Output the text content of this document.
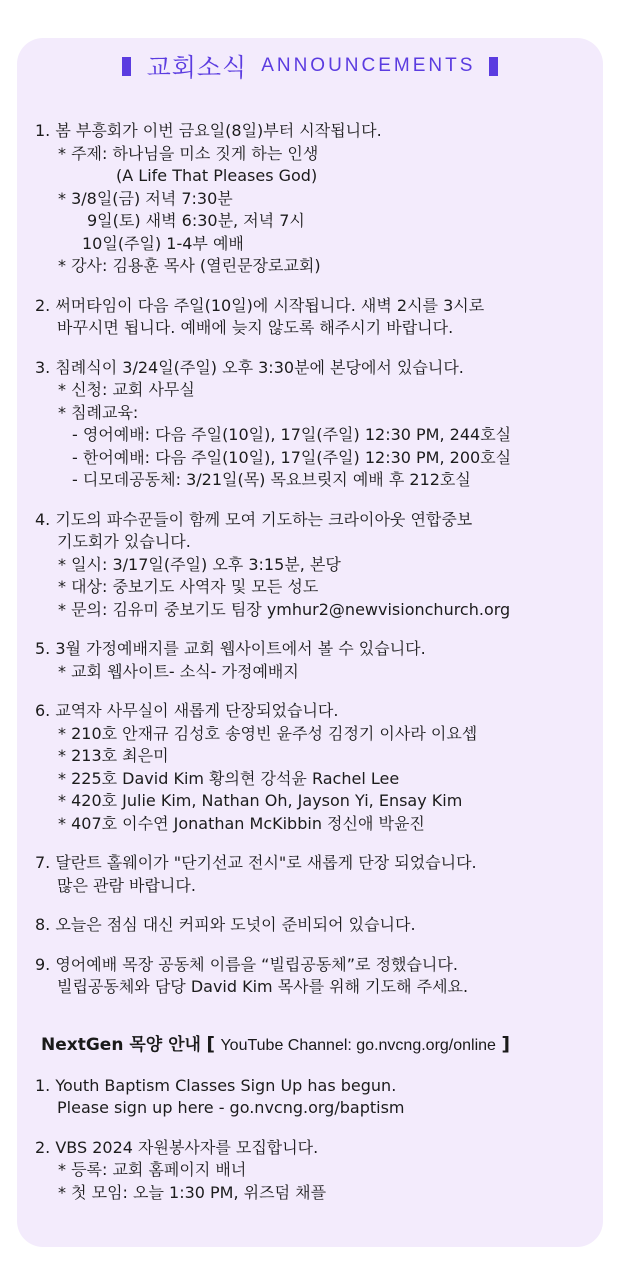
교회소식 ANNOUNCEMENTS
1. 봄 부흥회가 이번 금요일(8일)부터 시작됩니다.
* 주제: 하나님을 미소 짓게 하는 인생
(A Life That Pleases God)
* 3/8일(금) 저녁 7:30분
9일(토) 새벽 6:30분, 저녁 7시
10일(주일) 1-4부 예배
* 강사: 김용훈 목사 (열린문장로교회)
2. 써머타임이 다음 주일(10일)에 시작됩니다. 새벽 2시를 3시로
바꾸시면 됩니다. 예배에 늦지 않도록 해주시기 바랍니다.
3. 침례식이 3/24일(주일) 오후 3:30분에 본당에서 있습니다.
* 신청: 교회 사무실
* 침례교육:
- 영어예배: 다음 주일(10일), 17일(주일) 12:30 PM, 244호실
- 한어예배: 다음 주일(10일), 17일(주일) 12:30 PM, 200호실
- 디모데공동체: 3/21일(목) 목요브릿지 예배 후 212호실
4. 기도의 파수꾼들이 함께 모여 기도하는 크라이아웃 연합중보
기도회가 있습니다.
* 일시: 3/17일(주일) 오후 3:15분, 본당
* 대상: 중보기도 사역자 및 모든 성도
* 문의: 김유미 중보기도 팀장 ymhur2@newvisionchurch.org
5. 3월 가정예배지를 교회 웹사이트에서 볼 수 있습니다.
* 교회 웹사이트- 소식- 가정예배지
6. 교역자 사무실이 새롭게 단장되었습니다.
* 210호 안재규 김성호 송영빈 윤주성 김정기 이사라 이요셉
* 213호 최은미
* 225호 David Kim 황의현 강석윤 Rachel Lee
* 420호 Julie Kim, Nathan Oh, Jayson Yi, Ensay Kim
* 407호 이수연 Jonathan McKibbin 정신애 박윤진
7. 달란트 홀웨이가 "단기선교 전시"로 새롭게 단장 되었습니다.
많은 관람 바랍니다.
8. 오늘은 점심 대신 커피와 도넛이 준비되어 있습니다.
9. 영어예배 목장 공동체 이름을 “빌립공동체”로 정했습니다.
빌립공동체와 담당 David Kim 목사를 위해 기도해 주세요.
NextGen 목양 안내 [ YouTube Channel: go.nvcng.org/online ]
1. Youth Baptism Classes Sign Up has begun.
Please sign up here - go.nvcng.org/baptism
2. VBS 2024 자원봉사자를 모집합니다.
* 등록: 교회 홈페이지 배너
* 첫 모임: 오늘 1:30 PM, 위즈덤 채플
